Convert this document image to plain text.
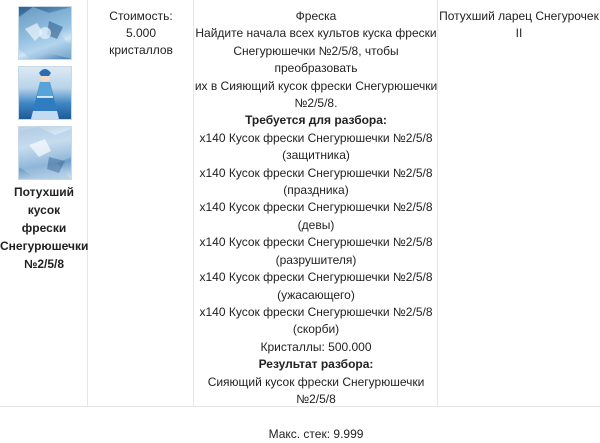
Потухший кусок
фрески
Снегурюшечки
№2/5/8
Стоимость:
5.000
кристаллов
Фреска
Найдите начала всех культов куска фрески
Снегурюшечки №2/5/8, чтобы преобразовать
их в Сияющий кусок фрески Снегурюшечки
№2/5/8.
Требуется для разбора:
x140 Кусок фрески Снегурюшечки №2/5/8
(защитника)
x140 Кусок фрески Снегурюшечки №2/5/8
(праздника)
x140 Кусок фрески Снегурюшечки №2/5/8
(девы)
x140 Кусок фрески Снегурюшечки №2/5/8
(разрушителя)
x140 Кусок фрески Снегурюшечки №2/5/8
(ужасающего)
x140 Кусок фрески Снегурюшечки №2/5/8
(скорби)
Кристаллы: 500.000
Результат разбора:
Сияющий кусок фрески Снегурюшечки №2/5/8

Макс. стек: 9.999
Потухший ларец Снегурочек
II
